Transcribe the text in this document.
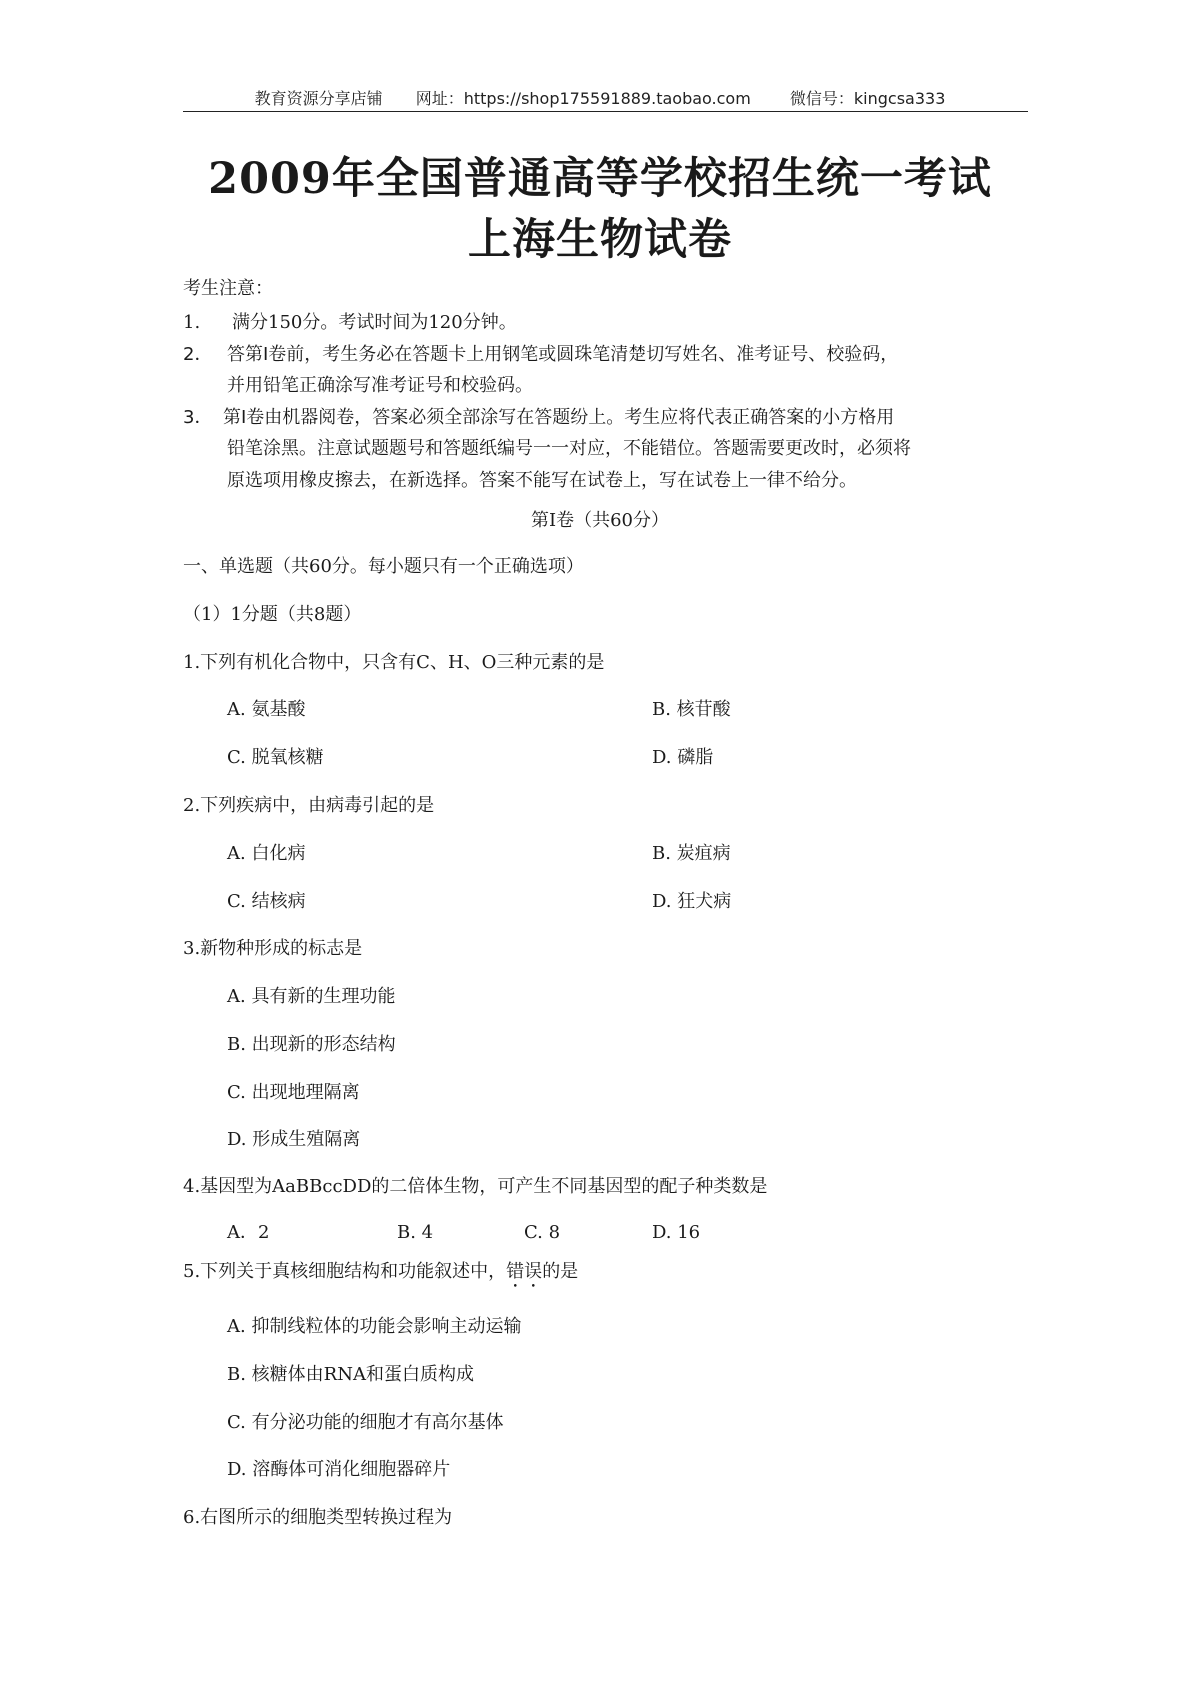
教育资源分享店铺 网址：https://shop175591889.taobao.com 微信号：kingcsa333
2009年全国普通高等学校招生统一考试
上海生物试卷
考生注意：
1. 满分150分。考试时间为120分钟。
2． 答第Ⅰ卷前，考生务必在答题卡上用钢笔或圆珠笔清楚切写姓名、准考证号、校验码，
并用铅笔正确涂写准考证号和校验码。
3． 第Ⅰ卷由机器阅卷，答案必须全部涂写在答题纷上。考生应将代表正确答案的小方格用
铅笔涂黑。注意试题题号和答题纸编号一一对应，不能错位。答题需要更改时，必须将
原选项用橡皮擦去，在新选择。答案不能写在试卷上，写在试卷上一律不给分。
第Ⅰ卷（共60分）
一、单选题（共60分。每小题只有一个正确选项）
（1）1分题（共8题）
1.下列有机化合物中，只含有C、H、O三种元素的是
A. 氨基酸	B. 核苷酸
C. 脱氧核糖	D. 磷脂
2.下列疾病中，由病毒引起的是
A. 白化病	B. 炭疽病
C. 结核病	D. 狂犬病
3.新物种形成的标志是
A. 具有新的生理功能
B. 出现新的形态结构
C. 出现地理隔离
D. 形成生殖隔离
4.基因型为AaBBccDD的二倍体生物，可产生不同基因型的配子种类数是
A．2	B. 4	C. 8	D. 16
5.下列关于真核细胞结构和功能叙述中，错误的是
A. 抑制线粒体的功能会影响主动运输
B. 核糖体由RNA和蛋白质构成
C. 有分泌功能的细胞才有高尔基体
D. 溶酶体可消化细胞器碎片
6.右图所示的细胞类型转换过程为
